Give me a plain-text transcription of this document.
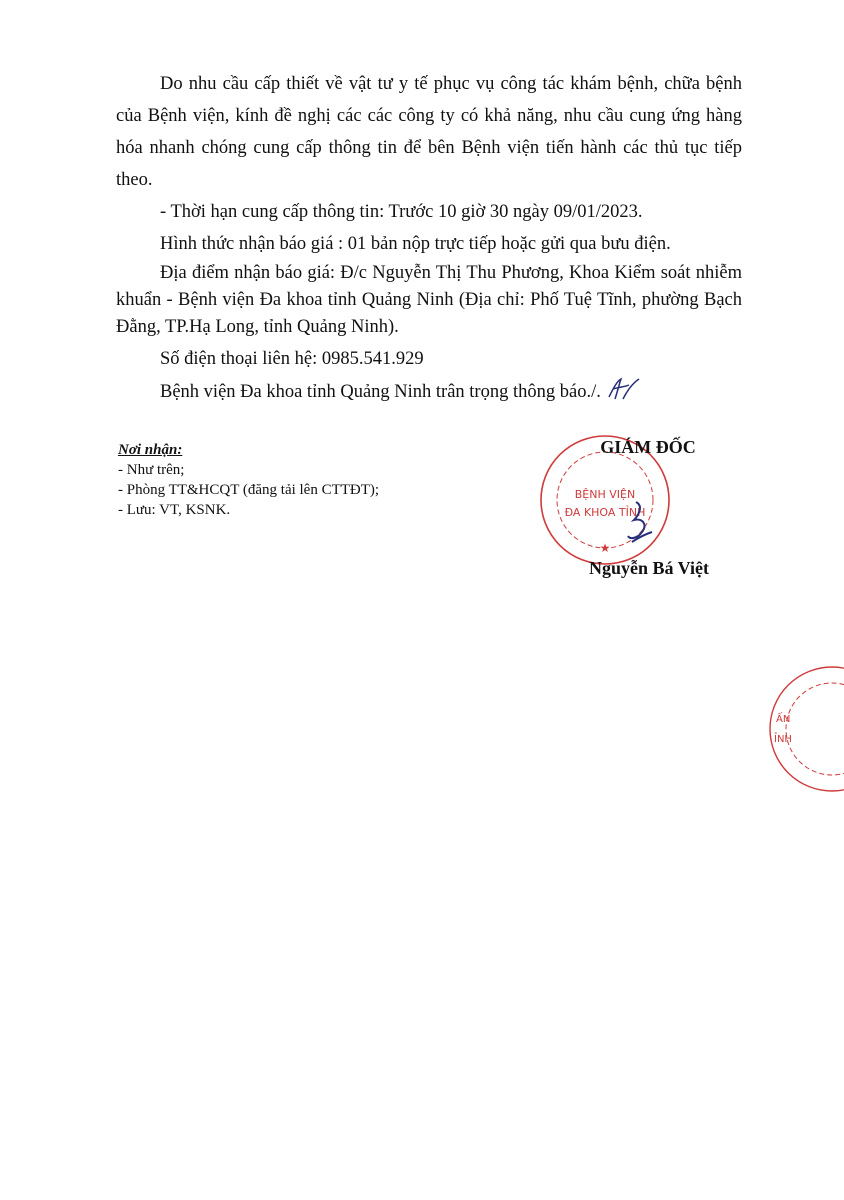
Do nhu cầu cấp thiết về vật tư y tế phục vụ công tác khám bệnh, chữa bệnh của Bệnh viện, kính đề nghị các các công ty có khả năng, nhu cầu cung ứng hàng hóa nhanh chóng cung cấp thông tin để bên Bệnh viện tiến hành các thủ tục tiếp theo.

- Thời hạn cung cấp thông tin: Trước 10 giờ 30 ngày 09/01/2023.

Hình thức nhận báo giá : 01 bản nộp trực tiếp hoặc gửi qua bưu điện.

Địa điểm nhận báo giá: Đ/c Nguyễn Thị Thu Phương, Khoa Kiểm soát nhiễm khuẩn - Bệnh viện Đa khoa tỉnh Quảng Ninh (Địa chỉ: Phố Tuệ Tĩnh, phường Bạch Đằng, TP.Hạ Long, tỉnh Quảng Ninh).

Số điện thoại liên hệ: 0985.541.929

Bệnh viện Đa khoa tỉnh Quảng Ninh trân trọng thông báo./.

Nơi nhận:
- Như trên;
- Phòng TT&HCQT (đăng tải lên CTTĐT);
- Lưu: VT, KSNK.
BỆNH VIỆN
ĐA KHOA TỈNH
★
GIÁM ĐỐC
Nguyễn Bá Việt
ẤN
ỈNH
